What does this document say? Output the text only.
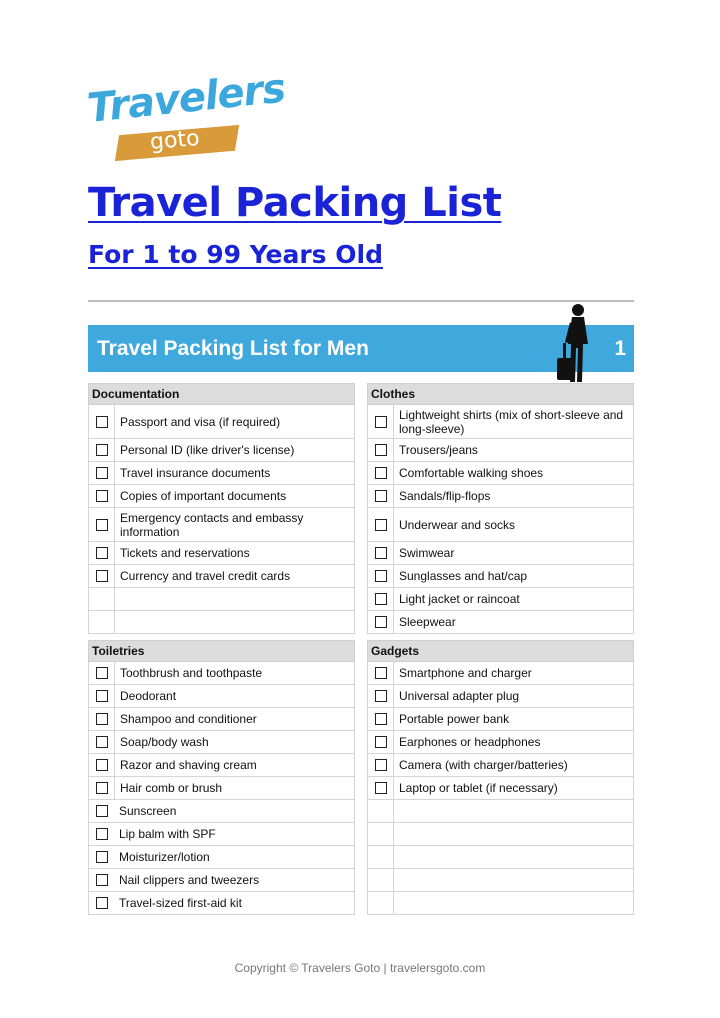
Travelers
goto
Travel Packing List
For 1 to 99 Years Old
Travel Packing List for Men	1
Documentation
Passport and visa (if required)
Personal ID (like driver's license)
Travel insurance documents
Copies of important documents
Emergency contacts and embassy information
Tickets and reservations
Currency and travel credit cards
Clothes
Lightweight shirts (mix of short-sleeve and long-sleeve)
Trousers/jeans
Comfortable walking shoes
Sandals/flip-flops
Underwear and socks
Swimwear
Sunglasses and hat/cap
Light jacket or raincoat
Sleepwear
Toiletries
Toothbrush and toothpaste
Deodorant
Shampoo and conditioner
Soap/body wash
Razor and shaving cream
Hair comb or brush
Sunscreen
Lip balm with SPF
Moisturizer/lotion
Nail clippers and tweezers
Travel-sized first-aid kit
Gadgets
Smartphone and charger
Universal adapter plug
Portable power bank
Earphones or headphones
Camera (with charger/batteries)
Laptop or tablet (if necessary)
Copyright © Travelers Goto | travelersgoto.com
